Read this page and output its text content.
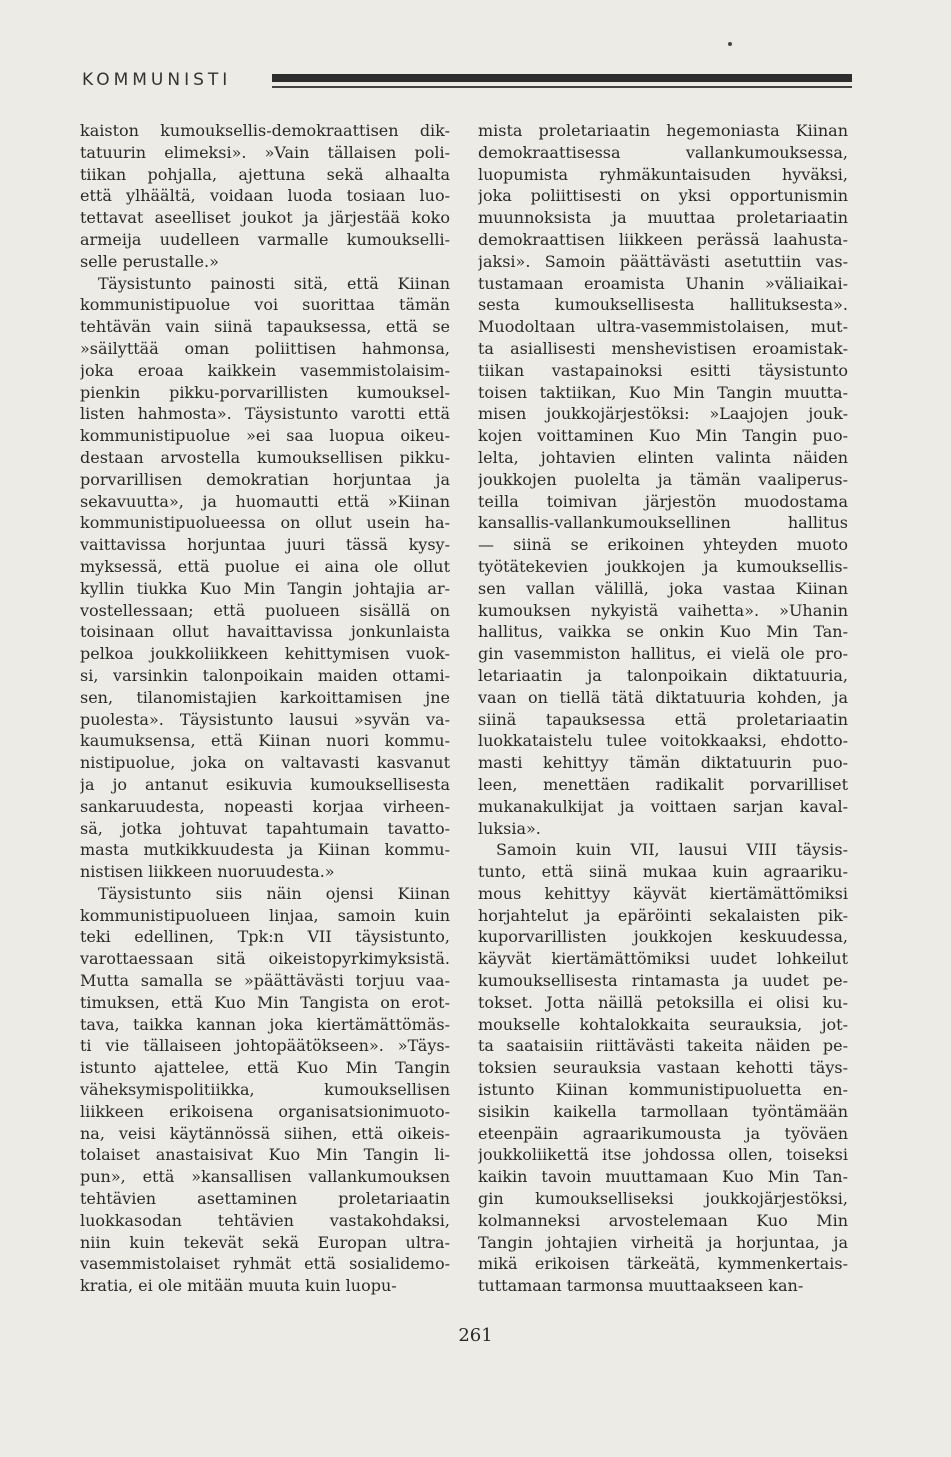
KOMMUNISTI
kaiston kumouksellis-demokraattisen dik-
tatuurin elimeksi». »Vain tällaisen poli-
tiikan pohjalla, ajettuna sekä alhaalta
että ylhäältä, voidaan luoda tosiaan luo-
tettavat aseelliset joukot ja järjestää koko
armeija uudelleen varmalle kumoukselli-
selle perustalle.»
Täysistunto painosti sitä, että Kiinan
kommunistipuolue voi suorittaa tämän
tehtävän vain siinä tapauksessa, että se
»säilyttää oman poliittisen hahmonsa,
joka eroaa kaikkein vasemmistolaisim-
pienkin pikku-porvarillisten kumouksel-
listen hahmosta». Täysistunto varotti että
kommunistipuolue »ei saa luopua oikeu-
destaan arvostella kumouksellisen pikku-
porvarillisen demokratian horjuntaa ja
sekavuutta», ja huomautti että »Kiinan
kommunistipuolueessa on ollut usein ha-
vaittavissa horjuntaa juuri tässä kysy-
myksessä, että puolue ei aina ole ollut
kyllin tiukka Kuo Min Tangin johtajia ar-
vostellessaan; että puolueen sisällä on
toisinaan ollut havaittavissa jonkunlaista
pelkoa joukkoliikkeen kehittymisen vuok-
si, varsinkin talonpoikain maiden ottami-
sen, tilanomistajien karkoittamisen jne
puolesta». Täysistunto lausui »syvän va-
kaumuksensa, että Kiinan nuori kommu-
nistipuolue, joka on valtavasti kasvanut
ja jo antanut esikuvia kumouksellisesta
sankaruudesta, nopeasti korjaa virheen-
sä, jotka johtuvat tapahtumain tavatto-
masta mutkikkuudesta ja Kiinan kommu-
nistisen liikkeen nuoruudesta.»
Täysistunto siis näin ojensi Kiinan
kommunistipuolueen linjaa, samoin kuin
teki edellinen, Tpk:n VII täysistunto,
varottaessaan sitä oikeistopyrkimyksistä.
Mutta samalla se »päättävästi torjuu vaa-
timuksen, että Kuo Min Tangista on erot-
tava, taikka kannan joka kiertämättömäs-
ti vie tällaiseen johtopäätökseen». »Täys-
istunto ajattelee, että Kuo Min Tangin
väheksymispolitiikka, kumouksellisen
liikkeen erikoisena organisatsionimuoto-
na, veisi käytännössä siihen, että oikeis-
tolaiset anastaisivat Kuo Min Tangin li-
pun», että »kansallisen vallankumouksen
tehtävien asettaminen proletariaatin
luokkasodan tehtävien vastakohdaksi,
niin kuin tekevät sekä Europan ultra-
vasemmistolaiset ryhmät että sosialidemo-
kratia, ei ole mitään muuta kuin luopu-
mista proletariaatin hegemoniasta Kiinan
demokraattisessa vallankumouksessa,
luopumista ryhmäkuntaisuden hyväksi,
joka poliittisesti on yksi opportunismin
muunnoksista ja muuttaa proletariaatin
demokraattisen liikkeen perässä laahusta-
jaksi». Samoin päättävästi asetuttiin vas-
tustamaan eroamista Uhanin »väliaikai-
sesta kumouksellisesta hallituksesta».
Muodoltaan ultra-vasemmistolaisen, mut-
ta asiallisesti menshevistisen eroamistak-
tiikan vastapainoksi esitti täysistunto
toisen taktiikan, Kuo Min Tangin muutta-
misen joukkojärjestöksi: »Laajojen jouk-
kojen voittaminen Kuo Min Tangin puo-
lelta, johtavien elinten valinta näiden
joukkojen puolelta ja tämän vaaliperus-
teilla toimivan järjestön muodostama
kansallis-vallankumouksellinen hallitus
— siinä se erikoinen yhteyden muoto
työtätekevien joukkojen ja kumouksellis-
sen vallan välillä, joka vastaa Kiinan
kumouksen nykyistä vaihetta». »Uhanin
hallitus, vaikka se onkin Kuo Min Tan-
gin vasemmiston hallitus, ei vielä ole pro-
letariaatin ja talonpoikain diktatuuria,
vaan on tiellä tätä diktatuuria kohden, ja
siinä tapauksessa että proletariaatin
luokkataistelu tulee voitokkaaksi, ehdotto-
masti kehittyy tämän diktatuurin puo-
leen, menettäen radikalit porvarilliset
mukanakulkijat ja voittaen sarjan kaval-
luksia».
Samoin kuin VII, lausui VIII täysis-
tunto, että siinä mukaa kuin agraariku-
mous kehittyy käyvät kiertämättömiksi
horjahtelut ja epäröinti sekalaisten pik-
kuporvarillisten joukkojen keskuudessa,
käyvät kiertämättömiksi uudet lohkeilut
kumouksellisesta rintamasta ja uudet pe-
tokset. Jotta näillä petoksilla ei olisi ku-
moukselle kohtalokkaita seurauksia, jot-
ta saataisiin riittävästi takeita näiden pe-
toksien seurauksia vastaan kehotti täys-
istunto Kiinan kommunistipuoluetta en-
sisikin kaikella tarmollaan työntämään
eteenpäin agraarikumousta ja työväen
joukkoliikettä itse johdossa ollen, toiseksi
kaikin tavoin muuttamaan Kuo Min Tan-
gin kumoukselliseksi joukkojärjestöksi,
kolmanneksi arvostelemaan Kuo Min
Tangin johtajien virheitä ja horjuntaa, ja
mikä erikoisen tärkeätä, kymmenkertais-
tuttamaan tarmonsa muuttaakseen kan-
261
